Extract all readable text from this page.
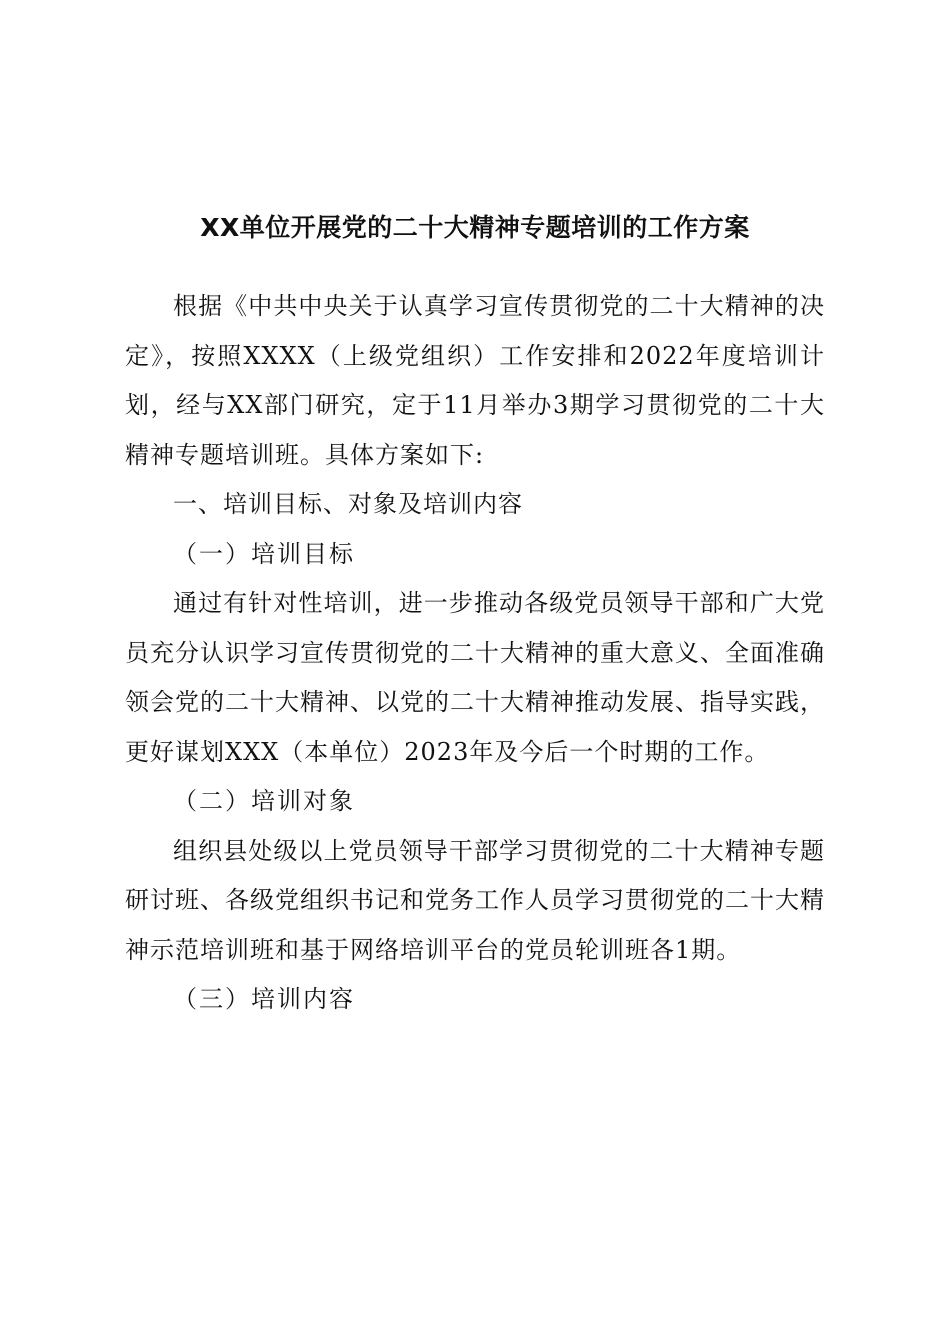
XX单位开展党的二十大精神专题培训的工作方案

根据《中共中央关于认真学习宣传贯彻党的二十大精神的决定》，按照XXXX（上级党组织）工作安排和2022年度培训计划，经与XX部门研究，定于11月举办3期学习贯彻党的二十大精神专题培训班。具体方案如下:

一、培训目标、对象及培训内容

（一）培训目标

通过有针对性培训，进一步推动各级党员领导干部和广大党员充分认识学习宣传贯彻党的二十大精神的重大意义、全面准确领会党的二十大精神、以党的二十大精神推动发展、指导实践，更好谋划XXX（本单位）2023年及今后一个时期的工作。

（二）培训对象

组织县处级以上党员领导干部学习贯彻党的二十大精神专题研讨班、各级党组织书记和党务工作人员学习贯彻党的二十大精神示范培训班和基于网络培训平台的党员轮训班各1期。

（三）培训内容
